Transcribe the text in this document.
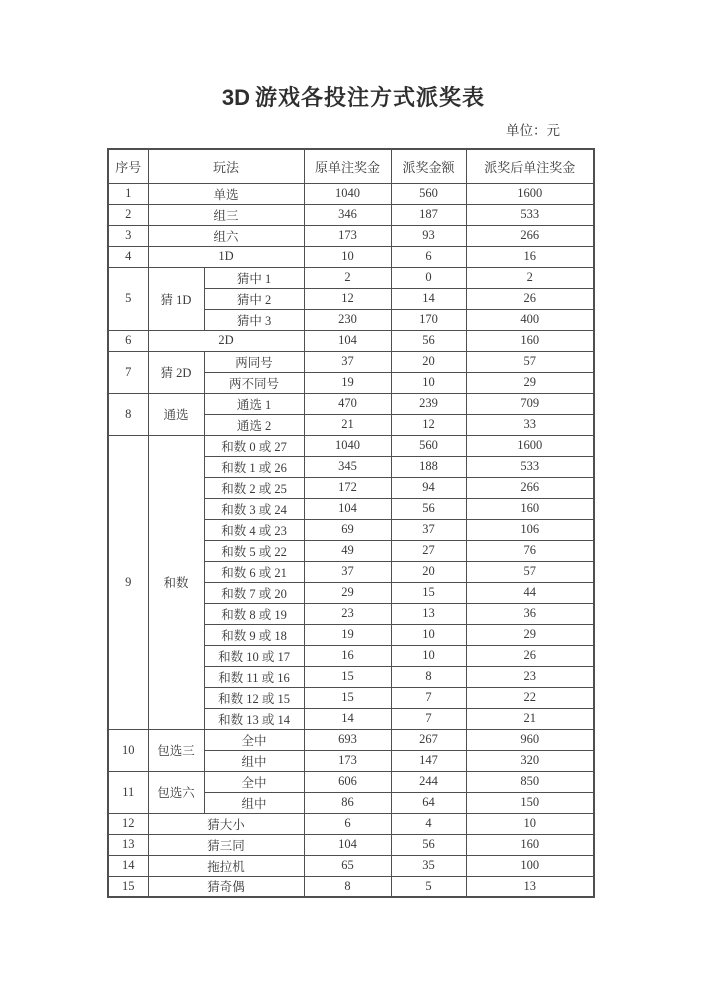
3D 游戏各投注方式派奖表
单位：元
序号	玩法		原单注奖金	派奖金额	派奖后单注奖金
1	单选		1040	560	1600
2	组三		346	187	533
3	组六		173	93	266
4	1D		10	6	16
5	猜 1D	猜中 1	2	0	2
		猜中 2	12	14	26
		猜中 3	230	170	400
6	2D		104	56	160
7	猜 2D	两同号	37	20	57
		两不同号	19	10	29
8	通选	通选 1	470	239	709
		通选 2	21	12	33
9	和数	和数 0 或 27	1040	560	1600
		和数 1 或 26	345	188	533
		和数 2 或 25	172	94	266
		和数 3 或 24	104	56	160
		和数 4 或 23	69	37	106
		和数 5 或 22	49	27	76
		和数 6 或 21	37	20	57
		和数 7 或 20	29	15	44
		和数 8 或 19	23	13	36
		和数 9 或 18	19	10	29
		和数 10 或 17	16	10	26
		和数 11 或 16	15	8	23
		和数 12 或 15	15	7	22
		和数 13 或 14	14	7	21
10	包选三	全中	693	267	960
		组中	173	147	320
11	包选六	全中	606	244	850
		组中	86	64	150
12	猜大小		6	4	10
13	猜三同		104	56	160
14	拖拉机		65	35	100
15	猜奇偶		8	5	13
